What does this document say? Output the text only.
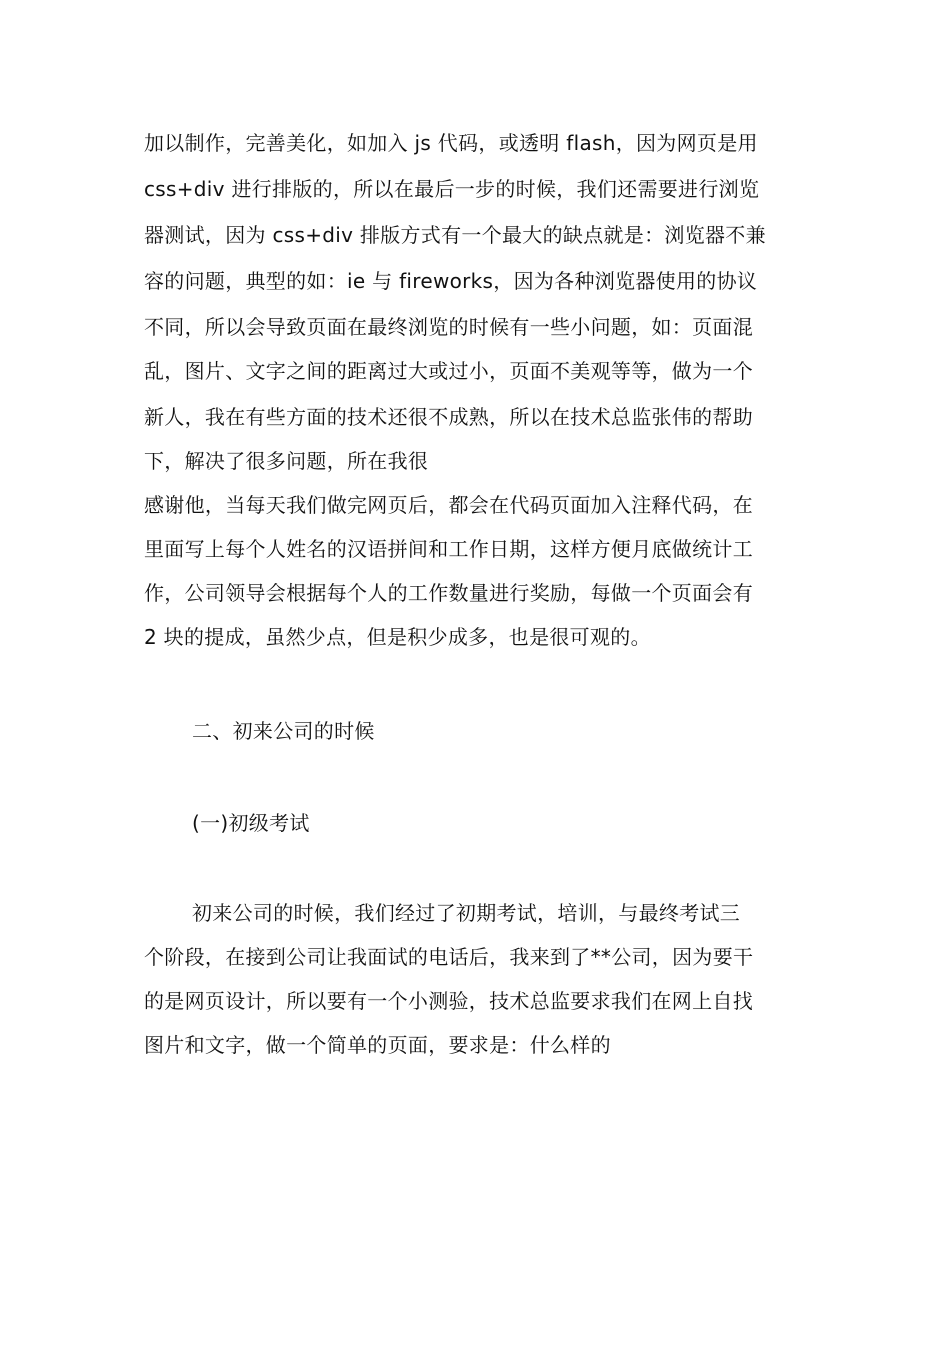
加以制作，完善美化，如加入 js 代码，或透明 flash，因为网页是用
css+div 进行排版的，所以在最后一步的时候，我们还需要进行浏览
器测试，因为 css+div 排版方式有一个最大的缺点就是：浏览器不兼
容的问题，典型的如：ie 与 fireworks，因为各种浏览器使用的协议
不同，所以会导致页面在最终浏览的时候有一些小问题，如：页面混
乱，图片、文字之间的距离过大或过小，页面不美观等等，做为一个
新人，我在有些方面的技术还很不成熟，所以在技术总监张伟的帮助
下，解决了很多问题，所在我很
感谢他，当每天我们做完网页后，都会在代码页面加入注释代码，在
里面写上每个人姓名的汉语拼间和工作日期，这样方便月底做统计工
作，公司领导会根据每个人的工作数量进行奖励，每做一个页面会有
2 块的提成，虽然少点，但是积少成多，也是很可观的。
二、初来公司的时候
(一)初级考试
初来公司的时候，我们经过了初期考试，培训，与最终考试三
个阶段，在接到公司让我面试的电话后，我来到了**公司，因为要干
的是网页设计，所以要有一个小测验，技术总监要求我们在网上自找
图片和文字，做一个简单的页面，要求是：什么样的
